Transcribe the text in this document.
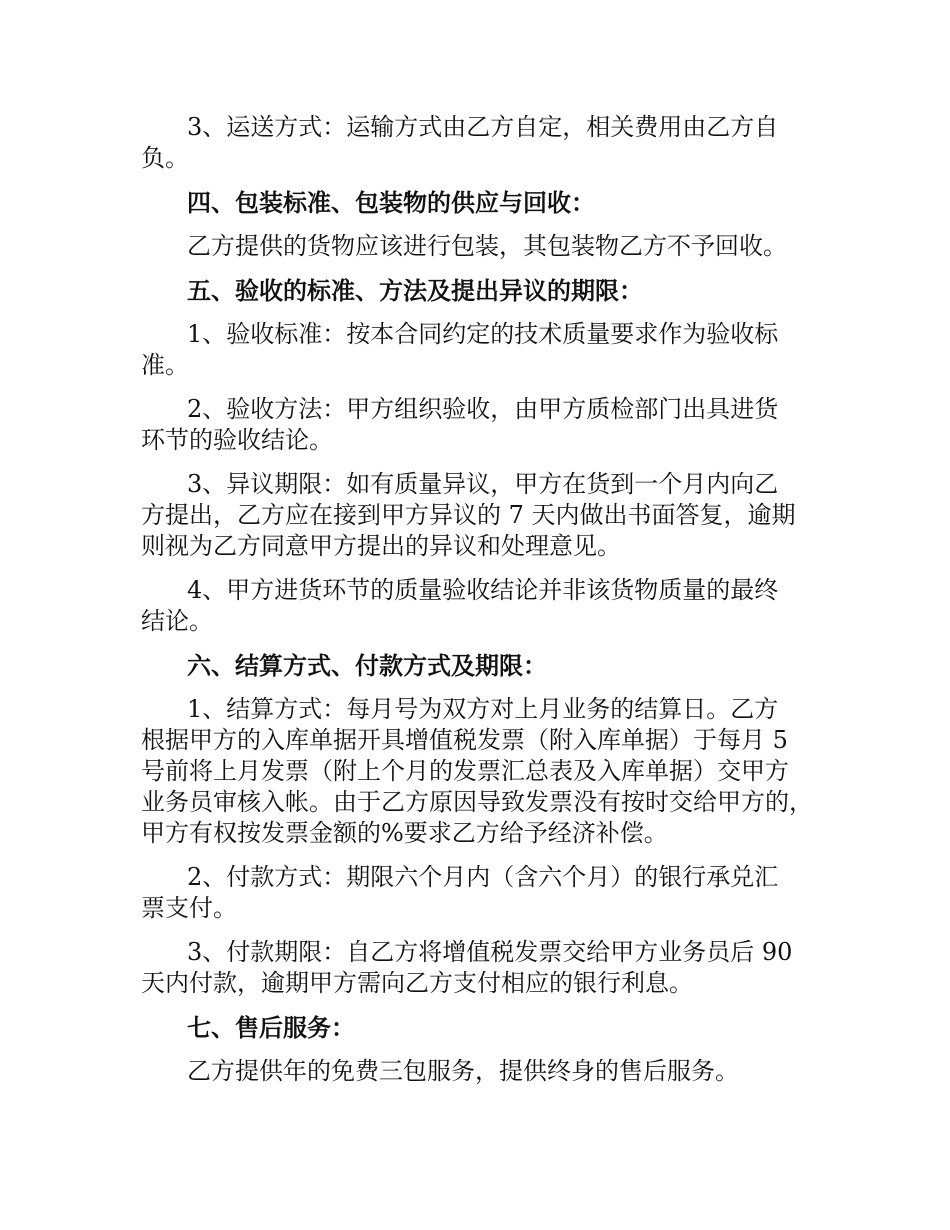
3、运送方式：运输方式由乙方自定，相关费用由乙方自
负。

四、包装标准、包装物的供应与回收：

乙方提供的货物应该进行包装，其包装物乙方不予回收。

五、验收的标准、方法及提出异议的期限：

1、验收标准：按本合同约定的技术质量要求作为验收标
准。

2、验收方法：甲方组织验收，由甲方质检部门出具进货
环节的验收结论。

3、异议期限：如有质量异议，甲方在货到一个月内向乙
方提出，乙方应在接到甲方异议的 7 天内做出书面答复，逾期
则视为乙方同意甲方提出的异议和处理意见。

4、甲方进货环节的质量验收结论并非该货物质量的最终
结论。

六、结算方式、付款方式及期限：

1、结算方式：每月号为双方对上月业务的结算日。乙方
根据甲方的入库单据开具增值税发票（附入库单据）于每月 5
号前将上月发票（附上个月的发票汇总表及入库单据）交甲方
业务员审核入帐。由于乙方原因导致发票没有按时交给甲方的，
甲方有权按发票金额的%要求乙方给予经济补偿。

2、付款方式：期限六个月内（含六个月）的银行承兑汇
票支付。

3、付款期限：自乙方将增值税发票交给甲方业务员后 90
天内付款，逾期甲方需向乙方支付相应的银行利息。

七、售后服务：

乙方提供年的免费三包服务，提供终身的售后服务。
